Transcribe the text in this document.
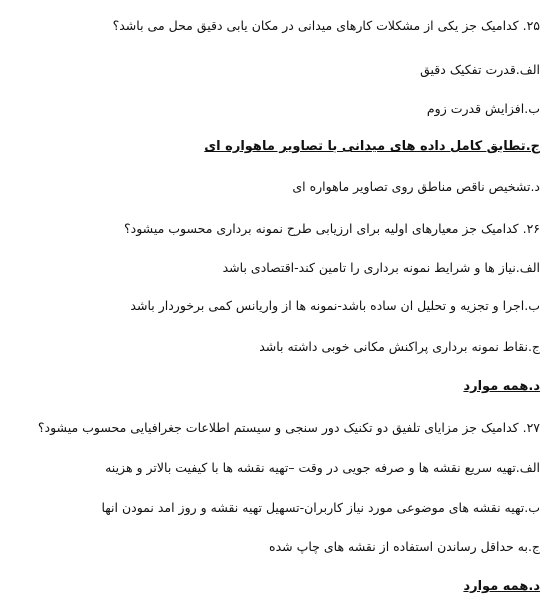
۲۵. کدامیک جز یکی از مشکلات کارهای میدانی در مکان یابی دقیق محل می باشد؟
الف.قدرت تفکیک دقیق
ب.افزایش قدرت زوم
ج.تطابق کامل داده های میدانی با تصاویر ماهواره ای
د.تشخیص ناقص مناطق روی تصاویر ماهواره ای
۲۶. کدامیک جز معیارهای اولیه برای ارزیابی طرح نمونه برداری محسوب میشود؟
الف.نیاز ها و شرایط نمونه برداری را تامین کند-اقتصادی باشد
ب.اجرا و تجزیه و تحلیل ان ساده باشد-نمونه ها از واریانس کمی برخوردار باشد
ج.نقاط نمونه برداری پراکنش مکانی خوبی داشته باشد
د.همه موارد
۲۷. کدامیک جز مزایای تلفیق دو تکنیک دور سنجی و سیستم اطلاعات جغرافیایی محسوب میشود؟
الف.تهیه سریع نقشه ها و صرفه جویی در وقت –تهیه نقشه ها با کیفیت بالاتر و هزینه
ب.تهیه نقشه های موضوعی مورد نیاز کاربران-تسهیل تهیه نقشه و روز امد نمودن انها
ج.به حداقل رساندن استفاده از نقشه های چاپ شده
د.همه موارد
